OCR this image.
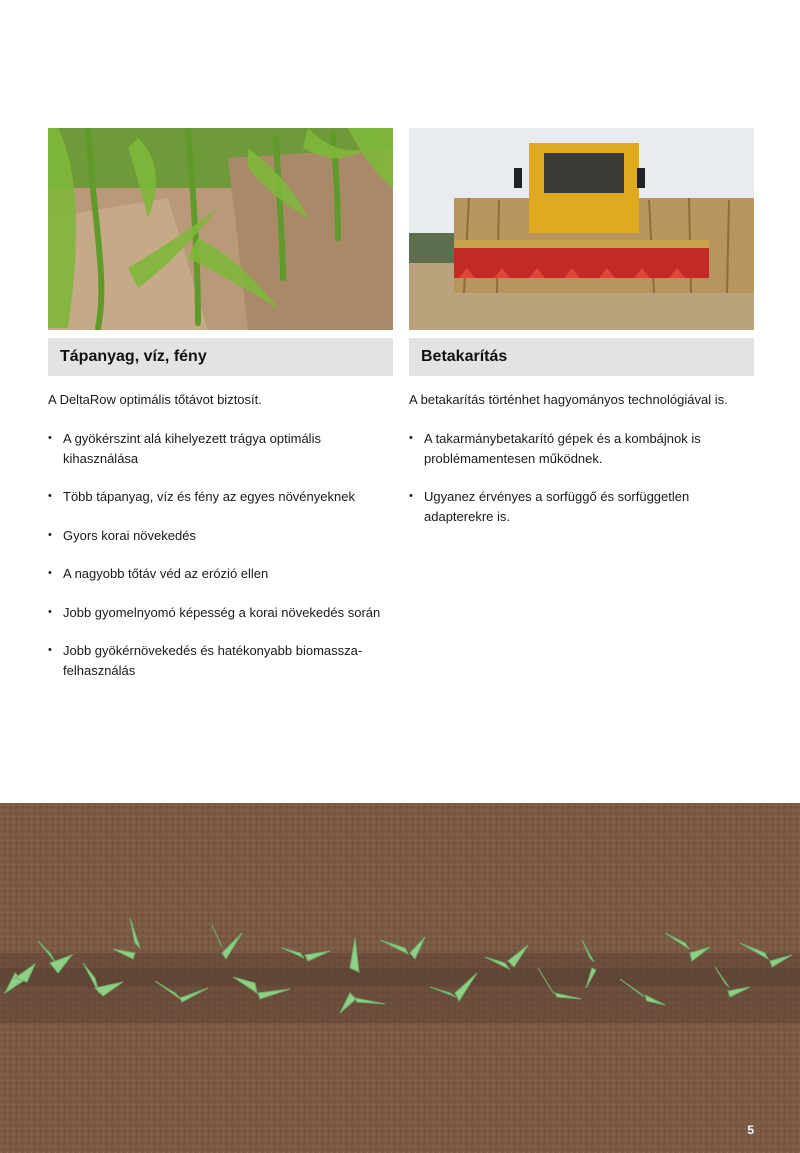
Tápanyag, víz, fény

A DeltaRow optimális tőtávot biztosít.

• A gyökérszint alá kihelyezett trágya optimális kihasználása
• Több tápanyag, víz és fény az egyes növényeknek
• Gyors korai növekedés
• A nagyobb tőtáv véd az erózió ellen
• Jobb gyomelnyomó képesség a korai növekedés során
• Jobb gyökérnövekedés és hatékonyabb biomassza-felhasználás
Betakarítás

A betakarítás történhet hagyományos technológiával is.

• A takarmánybetakarító gépek és a kombájnok is problémamentesen működnek.
• Ugyanez érvényes a sorfüggő és sorfüggetlen adapterekre is.
5
